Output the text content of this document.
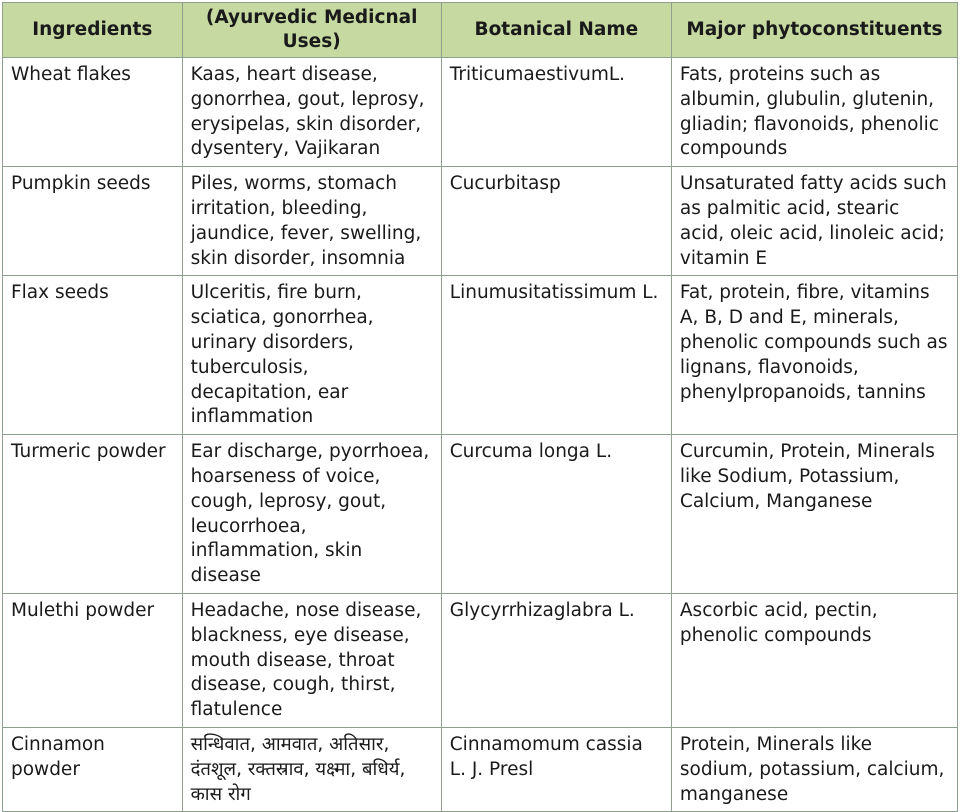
Ingredients	(Ayurvedic Medicnal Uses)	Botanical Name	Major phytoconstituents
Wheat flakes	Kaas, heart disease, gonorrhea, gout, leprosy, erysipelas, skin disorder, dysentery, Vajikaran	TriticumaestivumL.	Fats, proteins such as albumin, glubulin, glutenin, gliadin; flavonoids, phenolic compounds
Pumpkin seeds	Piles, worms, stomach irritation, bleeding, jaundice, fever, swelling, skin disorder, insomnia	Cucurbitasp	Unsaturated fatty acids such as palmitic acid, stearic acid, oleic acid, linoleic acid; vitamin E
Flax seeds	Ulceritis, fire burn, sciatica, gonorrhea, urinary disorders, tuberculosis, decapitation, ear inflammation	Linumusitatissimum L.	Fat, protein, fibre, vitamins A, B, D and E, minerals, phenolic compounds such as lignans, flavonoids, phenylpropanoids, tannins
Turmeric powder	Ear discharge, pyorrhoea, hoarseness of voice, cough, leprosy, gout, leucorrhoea, inflammation, skin disease	Curcuma longa L.	Curcumin, Protein, Minerals like Sodium, Potassium, Calcium, Manganese
Mulethi powder	Headache, nose disease, blackness, eye disease, mouth disease, throat disease, cough, thirst, flatulence	Glycyrrhizaglabra L.	Ascorbic acid, pectin, phenolic compounds
Cinnamon powder	सन्धिवात, आमवात, अतिसार, दंतशूल, रक्तस्राव, यक्ष्मा, बधिर्य, कास रोग	Cinnamomum cassia L. J. Presl	Protein, Minerals like sodium, potassium, calcium, manganese
